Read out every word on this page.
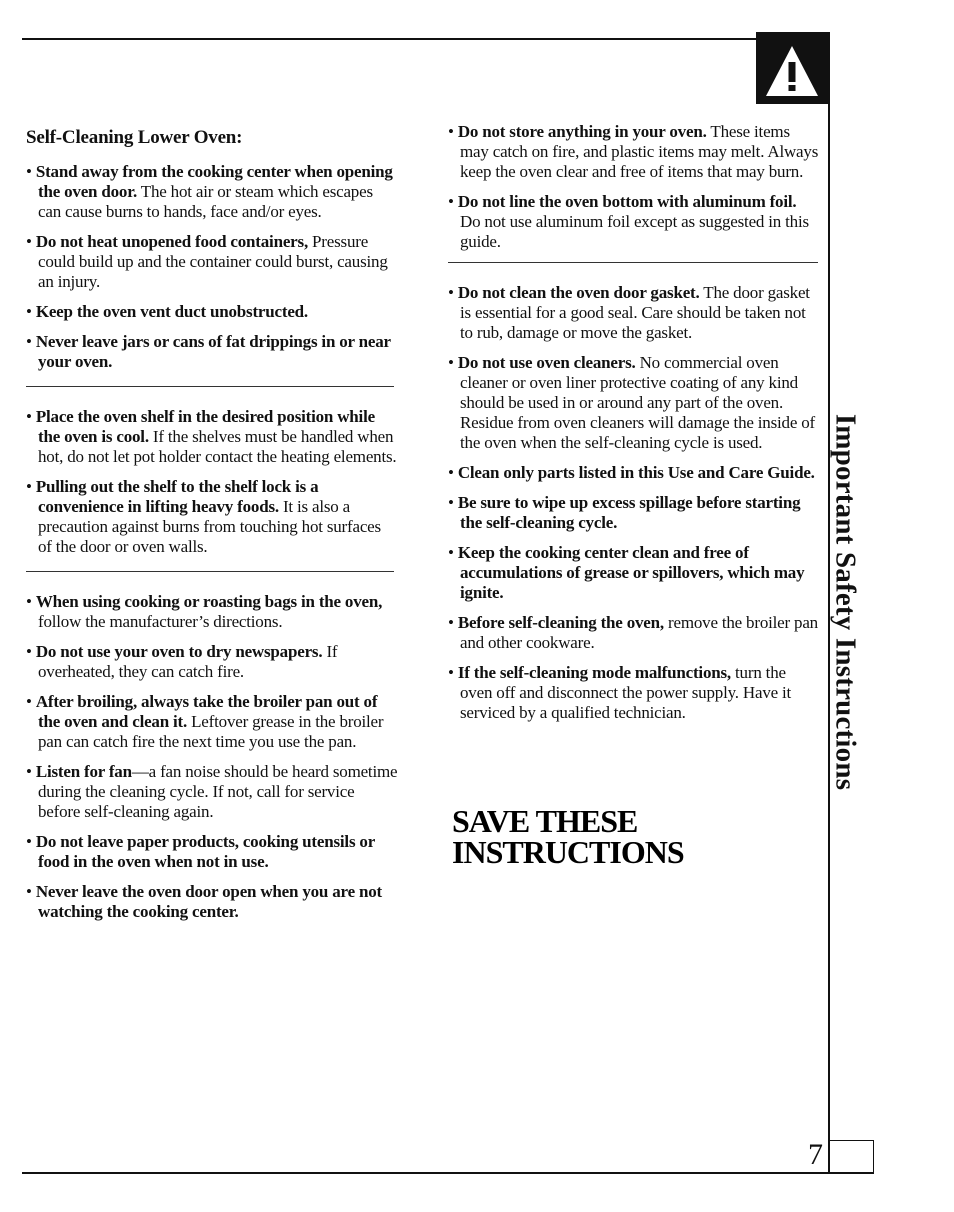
Self-Cleaning Lower Oven:
• Stand away from the cooking center when opening the oven door. The hot air or steam which escapes can cause burns to hands, face and/or eyes.
• Do not heat unopened food containers, Pressure could build up and the container could burst, causing an injury.
• Keep the oven vent duct unobstructed.
• Never leave jars or cans of fat drippings in or near your oven.
• Place the oven shelf in the desired position while the oven is cool. If the shelves must be handled when hot, do not let pot holder contact the heating elements.
• Pulling out the shelf to the shelf lock is a convenience in lifting heavy foods. It is also a precaution against burns from touching hot surfaces of the door or oven walls.
• When using cooking or roasting bags in the oven, follow the manufacturer’s directions.
• Do not use your oven to dry newspapers. If overheated, they can catch fire.
• After broiling, always take the broiler pan out of the oven and clean it. Leftover grease in the broiler pan can catch fire the next time you use the pan.
• Listen for fan—a fan noise should be heard sometime during the cleaning cycle. If not, call for service before self-cleaning again.
• Do not leave paper products, cooking utensils or food in the oven when not in use.
• Never leave the oven door open when you are not watching the cooking center.
• Do not store anything in your oven. These items may catch on fire, and plastic items may melt. Always keep the oven clear and free of items that may burn.
• Do not line the oven bottom with aluminum foil. Do not use aluminum foil except as suggested in this guide.
• Do not clean the oven door gasket. The door gasket is essential for a good seal. Care should be taken not to rub, damage or move the gasket.
• Do not use oven cleaners. No commercial oven cleaner or oven liner protective coating of any kind should be used in or around any part of the oven. Residue from oven cleaners will damage the inside of the oven when the self-cleaning cycle is used.
• Clean only parts listed in this Use and Care Guide.
• Be sure to wipe up excess spillage before starting the self-cleaning cycle.
• Keep the cooking center clean and free of accumulations of grease or spillovers, which may ignite.
• Before self-cleaning the oven, remove the broiler pan and other cookware.
• If the self-cleaning mode malfunctions, turn the oven off and disconnect the power supply. Have it serviced by a qualified technician.
SAVE THESE
INSTRUCTIONS
Important Safety Instructions
7
